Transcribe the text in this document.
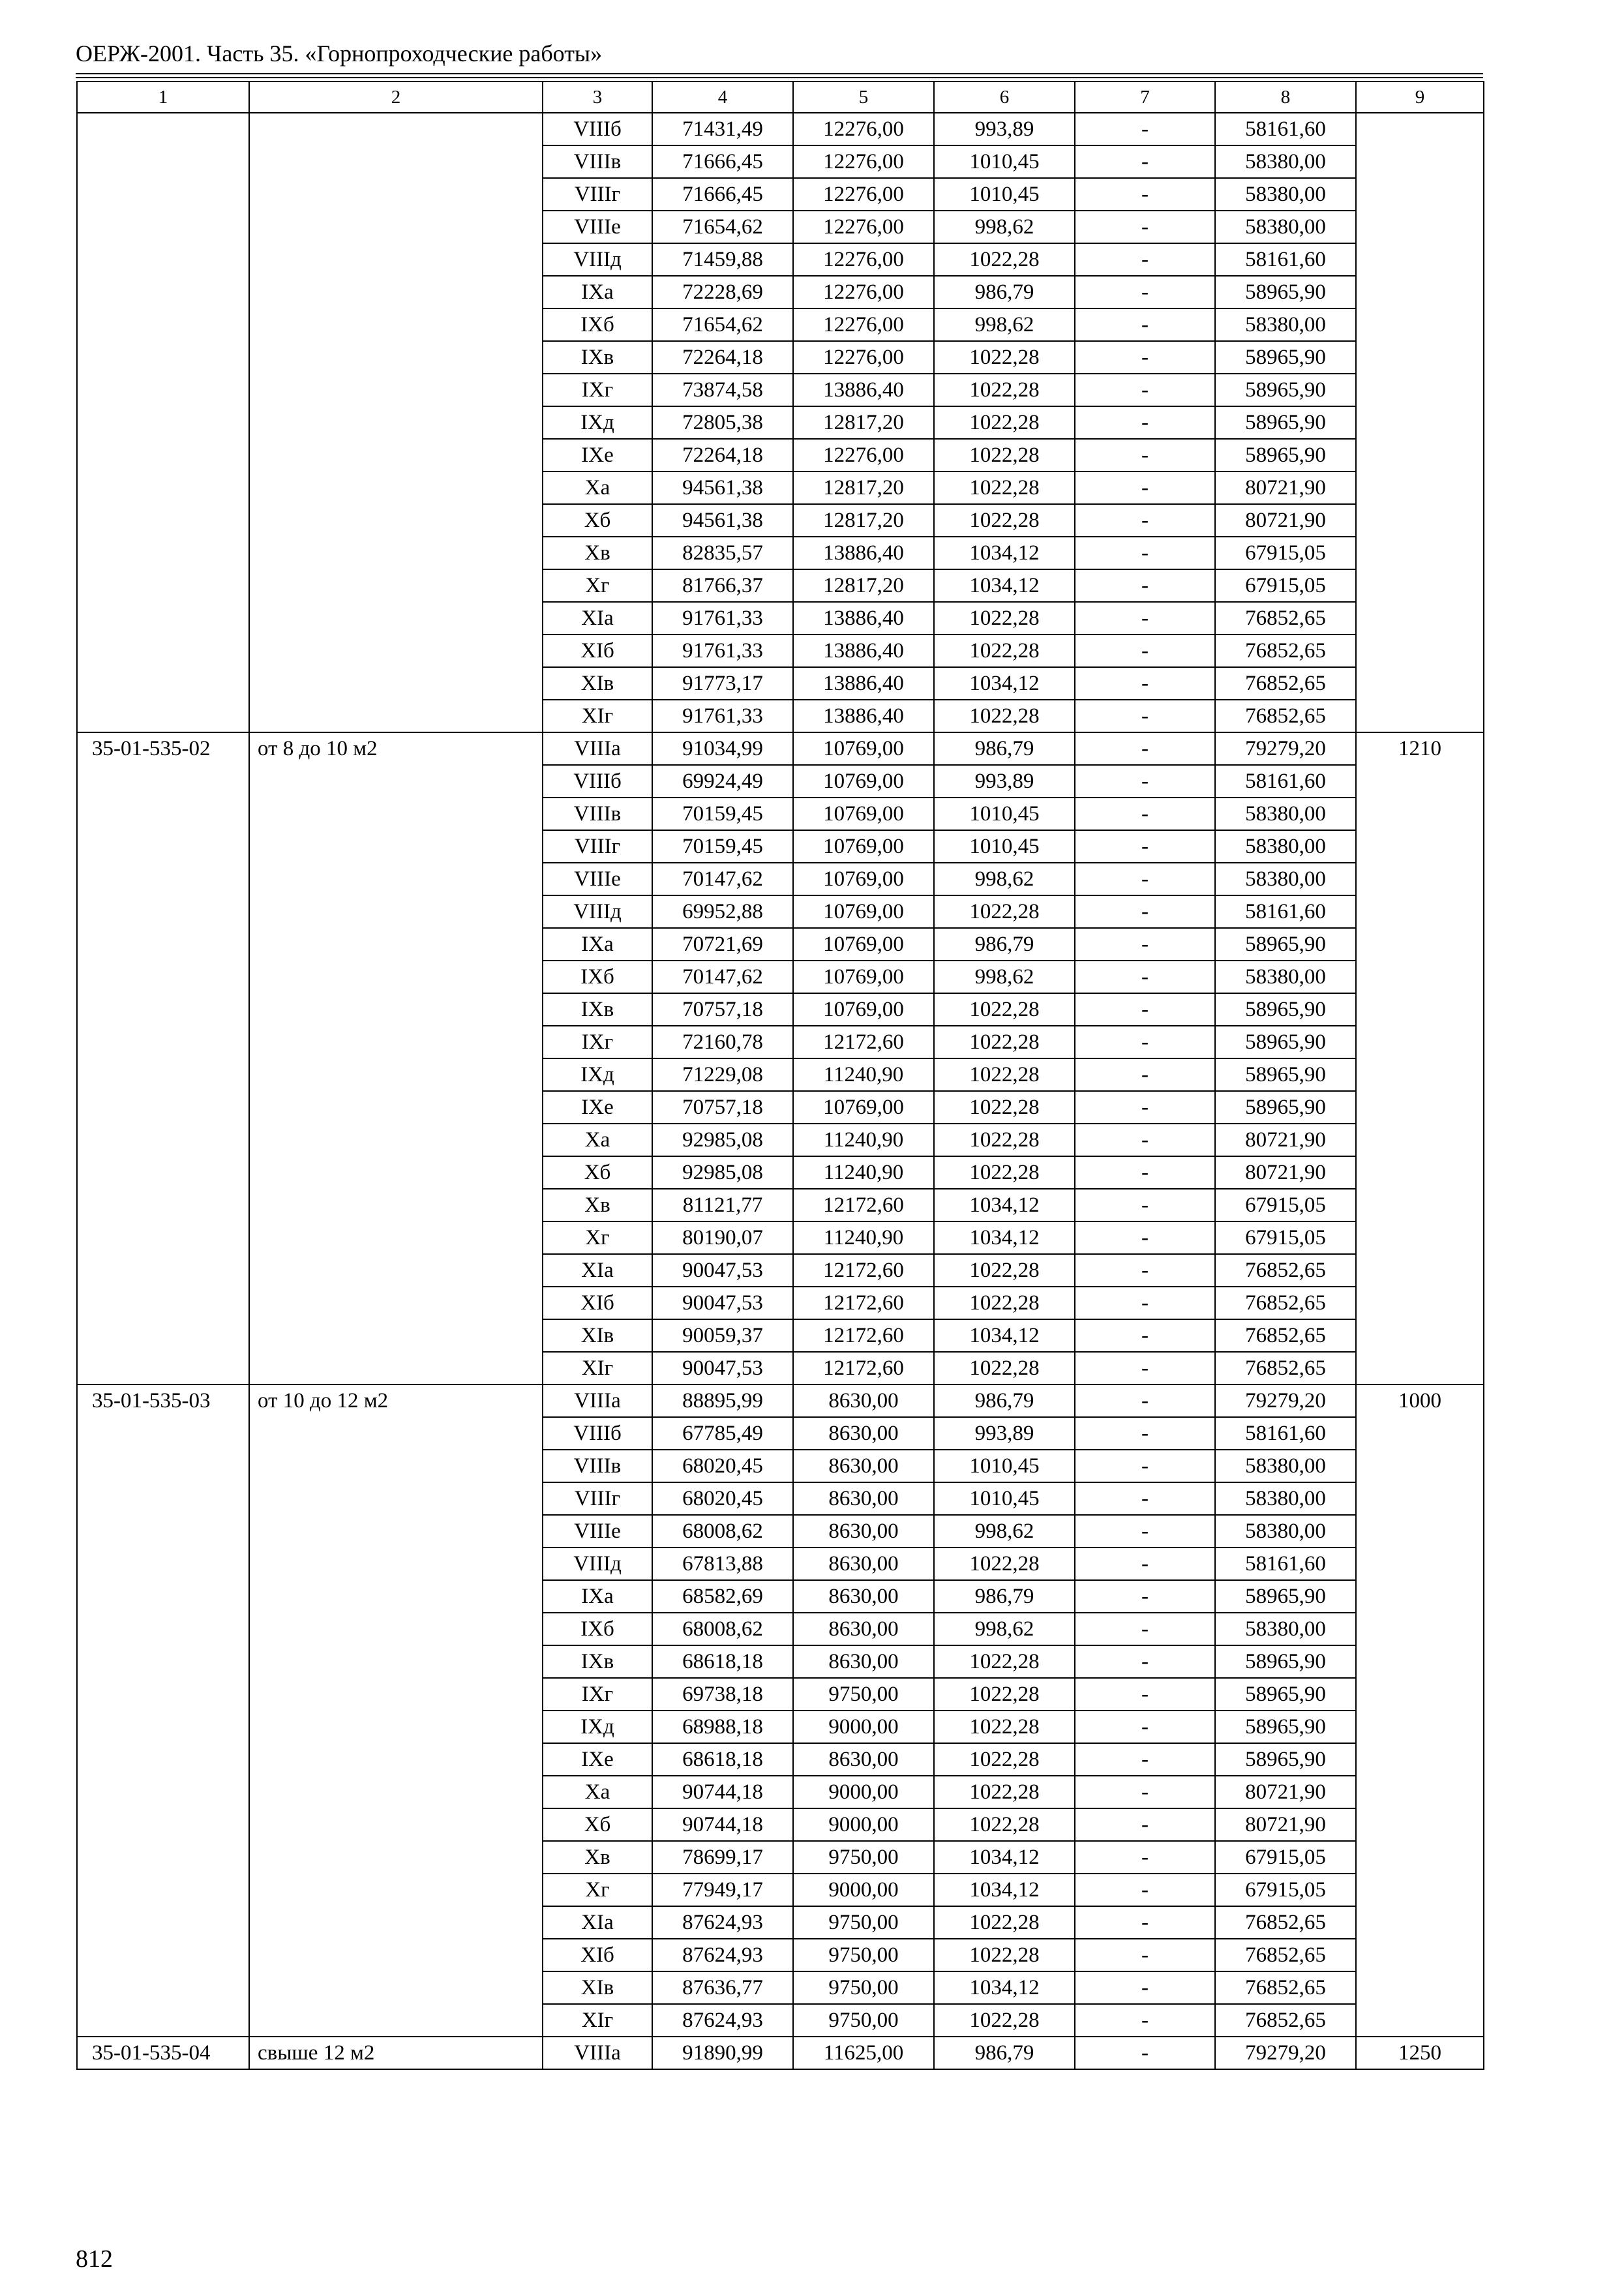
ОЕРЖ-2001. Часть 35. «Горнопроходческие работы»
1	2	3	4	5	6	7	8	9
		VIIIб	71431,49	12276,00	993,89	-	58161,60	
		VIIIв	71666,45	12276,00	1010,45	-	58380,00	
		VIIIг	71666,45	12276,00	1010,45	-	58380,00	
		VIIIе	71654,62	12276,00	998,62	-	58380,00	
		VIIIд	71459,88	12276,00	1022,28	-	58161,60	
		IXа	72228,69	12276,00	986,79	-	58965,90	
		IXб	71654,62	12276,00	998,62	-	58380,00	
		IXв	72264,18	12276,00	1022,28	-	58965,90	
		IXг	73874,58	13886,40	1022,28	-	58965,90	
		IXд	72805,38	12817,20	1022,28	-	58965,90	
		IXе	72264,18	12276,00	1022,28	-	58965,90	
		Xа	94561,38	12817,20	1022,28	-	80721,90	
		Xб	94561,38	12817,20	1022,28	-	80721,90	
		Xв	82835,57	13886,40	1034,12	-	67915,05	
		Xг	81766,37	12817,20	1034,12	-	67915,05	
		XIа	91761,33	13886,40	1022,28	-	76852,65	
		XIб	91761,33	13886,40	1022,28	-	76852,65	
		XIв	91773,17	13886,40	1034,12	-	76852,65	
		XIг	91761,33	13886,40	1022,28	-	76852,65	
35-01-535-02	от 8 до 10 м2	VIIIа	91034,99	10769,00	986,79	-	79279,20	1210
		VIIIб	69924,49	10769,00	993,89	-	58161,60	
		VIIIв	70159,45	10769,00	1010,45	-	58380,00	
		VIIIг	70159,45	10769,00	1010,45	-	58380,00	
		VIIIе	70147,62	10769,00	998,62	-	58380,00	
		VIIIд	69952,88	10769,00	1022,28	-	58161,60	
		IXа	70721,69	10769,00	986,79	-	58965,90	
		IXб	70147,62	10769,00	998,62	-	58380,00	
		IXв	70757,18	10769,00	1022,28	-	58965,90	
		IXг	72160,78	12172,60	1022,28	-	58965,90	
		IXд	71229,08	11240,90	1022,28	-	58965,90	
		IXе	70757,18	10769,00	1022,28	-	58965,90	
		Xа	92985,08	11240,90	1022,28	-	80721,90	
		Xб	92985,08	11240,90	1022,28	-	80721,90	
		Xв	81121,77	12172,60	1034,12	-	67915,05	
		Xг	80190,07	11240,90	1034,12	-	67915,05	
		XIа	90047,53	12172,60	1022,28	-	76852,65	
		XIб	90047,53	12172,60	1022,28	-	76852,65	
		XIв	90059,37	12172,60	1034,12	-	76852,65	
		XIг	90047,53	12172,60	1022,28	-	76852,65	
35-01-535-03	от 10 до 12 м2	VIIIа	88895,99	8630,00	986,79	-	79279,20	1000
		VIIIб	67785,49	8630,00	993,89	-	58161,60	
		VIIIв	68020,45	8630,00	1010,45	-	58380,00	
		VIIIг	68020,45	8630,00	1010,45	-	58380,00	
		VIIIе	68008,62	8630,00	998,62	-	58380,00	
		VIIIд	67813,88	8630,00	1022,28	-	58161,60	
		IXа	68582,69	8630,00	986,79	-	58965,90	
		IXб	68008,62	8630,00	998,62	-	58380,00	
		IXв	68618,18	8630,00	1022,28	-	58965,90	
		IXг	69738,18	9750,00	1022,28	-	58965,90	
		IXд	68988,18	9000,00	1022,28	-	58965,90	
		IXе	68618,18	8630,00	1022,28	-	58965,90	
		Xа	90744,18	9000,00	1022,28	-	80721,90	
		Xб	90744,18	9000,00	1022,28	-	80721,90	
		Xв	78699,17	9750,00	1034,12	-	67915,05	
		Xг	77949,17	9000,00	1034,12	-	67915,05	
		XIа	87624,93	9750,00	1022,28	-	76852,65	
		XIб	87624,93	9750,00	1022,28	-	76852,65	
		XIв	87636,77	9750,00	1034,12	-	76852,65	
		XIг	87624,93	9750,00	1022,28	-	76852,65	
35-01-535-04	свыше 12 м2	VIIIа	91890,99	11625,00	986,79	-	79279,20	1250
812
